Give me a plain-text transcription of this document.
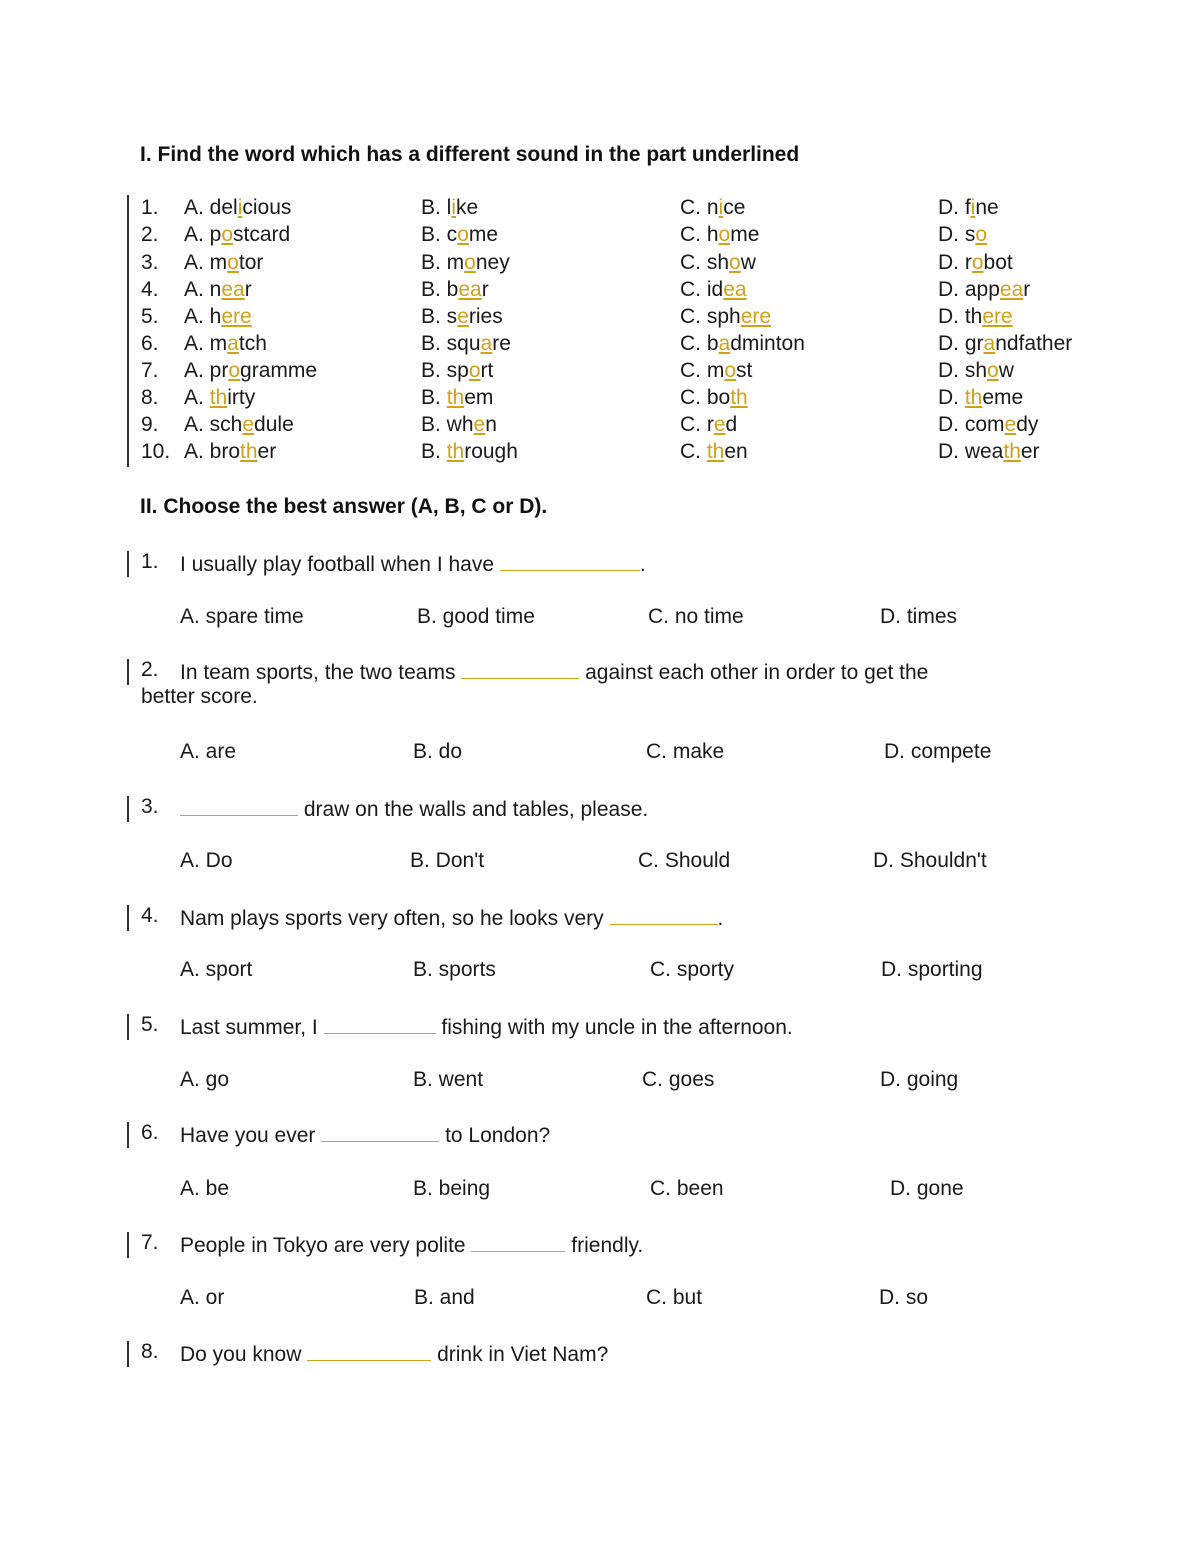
I. Find the word which has a different sound in the part underlined
1. A. delicious	B. like	C. nice	D. fine
2. A. postcard	B. come	C. home	D. so
3. A. motor	B. money	C. show	D. robot
4. A. near	B. bear	C. idea	D. appear
5. A. here	B. series	C. sphere	D. there
6. A. match	B. square	C. badminton	D. grandfather
7. A. programme	B. sport	C. most	D. show
8. A. thirty	B. them	C. both	D. theme
9. A. schedule	B. when	C. red	D. comedy
10. A. brother	B. through	C. then	D. weather
II. Choose the best answer (A, B, C or D).
1. I usually play football when I have	.
A. spare time	B. good time	C. no time	D. times
2. In team sports, the two teams	against each other in order to get the
better score.
A. are	B. do	C. make	D. compete
3.	draw on the walls and tables, please.
A. Do	B. Don't	C. Should	D. Shouldn't
4. Nam plays sports very often, so he looks very	.
A. sport	B. sports	C. sporty	D. sporting
5. Last summer, I	fishing with my uncle in the afternoon.
A. go	B. went	C. goes	D. going
6. Have you ever	to London?
A. be	B. being	C. been	D. gone
7. People in Tokyo are very polite	friendly.
A. or	B. and	C. but	D. so
8. Do you know	drink in Viet Nam?
